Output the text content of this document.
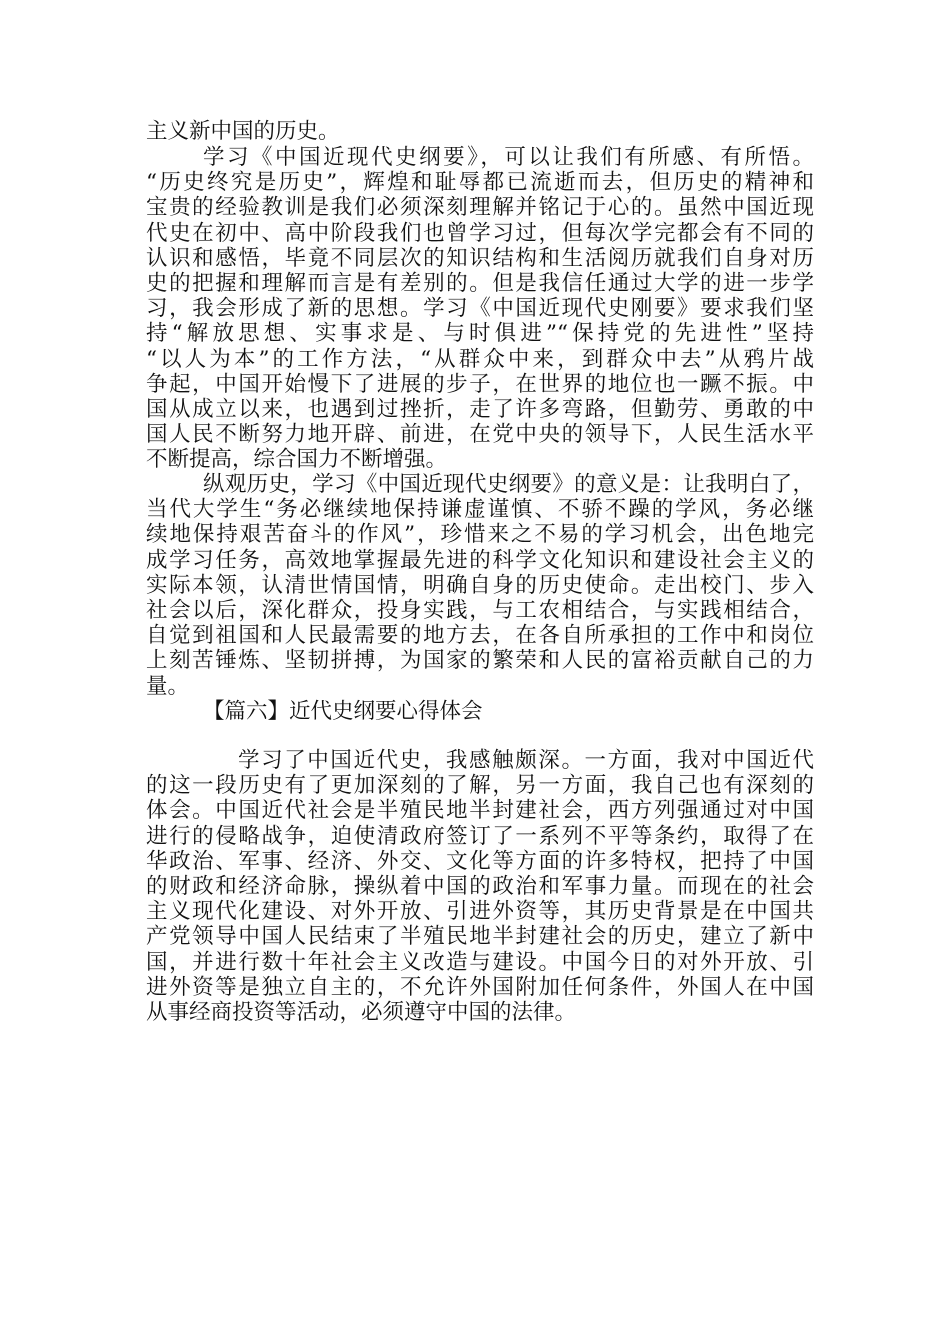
主义新中国的历史。
学习《中国近现代史纲要》，可以让我们有所感、有所悟。
“历史终究是历史”，辉煌和耻辱都已流逝而去，但历史的精神和
宝贵的经验教训是我们必须深刻理解并铭记于心的。虽然中国近现
代史在初中、高中阶段我们也曾学习过，但每次学完都会有不同的
认识和感悟，毕竟不同层次的知识结构和生活阅历就我们自身对历
史的把握和理解而言是有差别的。但是我信任通过大学的进一步学
习，我会形成了新的思想。学习《中国近现代史刚要》要求我们坚
持“解放思想、实事求是、与时俱进”“保持党的先进性”坚持
“以人为本”的工作方法，“从群众中来，到群众中去”从鸦片战
争起，中国开始慢下了进展的步子，在世界的地位也一蹶不振。中
国从成立以来，也遇到过挫折，走了许多弯路，但勤劳、勇敢的中
国人民不断努力地开辟、前进，在党中央的领导下，人民生活水平
不断提高，综合国力不断增强。
纵观历史，学习《中国近现代史纲要》的意义是：让我明白了，
当代大学生“务必继续地保持谦虚谨慎、不骄不躁的学风，务必继
续地保持艰苦奋斗的作风”，珍惜来之不易的学习机会，出色地完
成学习任务，高效地掌握最先进的科学文化知识和建设社会主义的
实际本领，认清世情国情，明确自身的历史使命。走出校门、步入
社会以后，深化群众，投身实践，与工农相结合，与实践相结合，
自觉到祖国和人民最需要的地方去，在各自所承担的工作中和岗位
上刻苦锤炼、坚韧拼搏，为国家的繁荣和人民的富裕贡献自己的力
量。
【篇六】近代史纲要心得体会
学习了中国近代史，我感触颇深。一方面，我对中国近代
的这一段历史有了更加深刻的了解，另一方面，我自己也有深刻的
体会。中国近代社会是半殖民地半封建社会，西方列强通过对中国
进行的侵略战争，迫使清政府签订了一系列不平等条约，取得了在
华政治、军事、经济、外交、文化等方面的许多特权，把持了中国
的财政和经济命脉，操纵着中国的政治和军事力量。而现在的社会
主义现代化建设、对外开放、引进外资等，其历史背景是在中国共
产党领导中国人民结束了半殖民地半封建社会的历史，建立了新中
国，并进行数十年社会主义改造与建设。中国今日的对外开放、引
进外资等是独立自主的，不允许外国附加任何条件，外国人在中国
从事经商投资等活动，必须遵守中国的法律。
